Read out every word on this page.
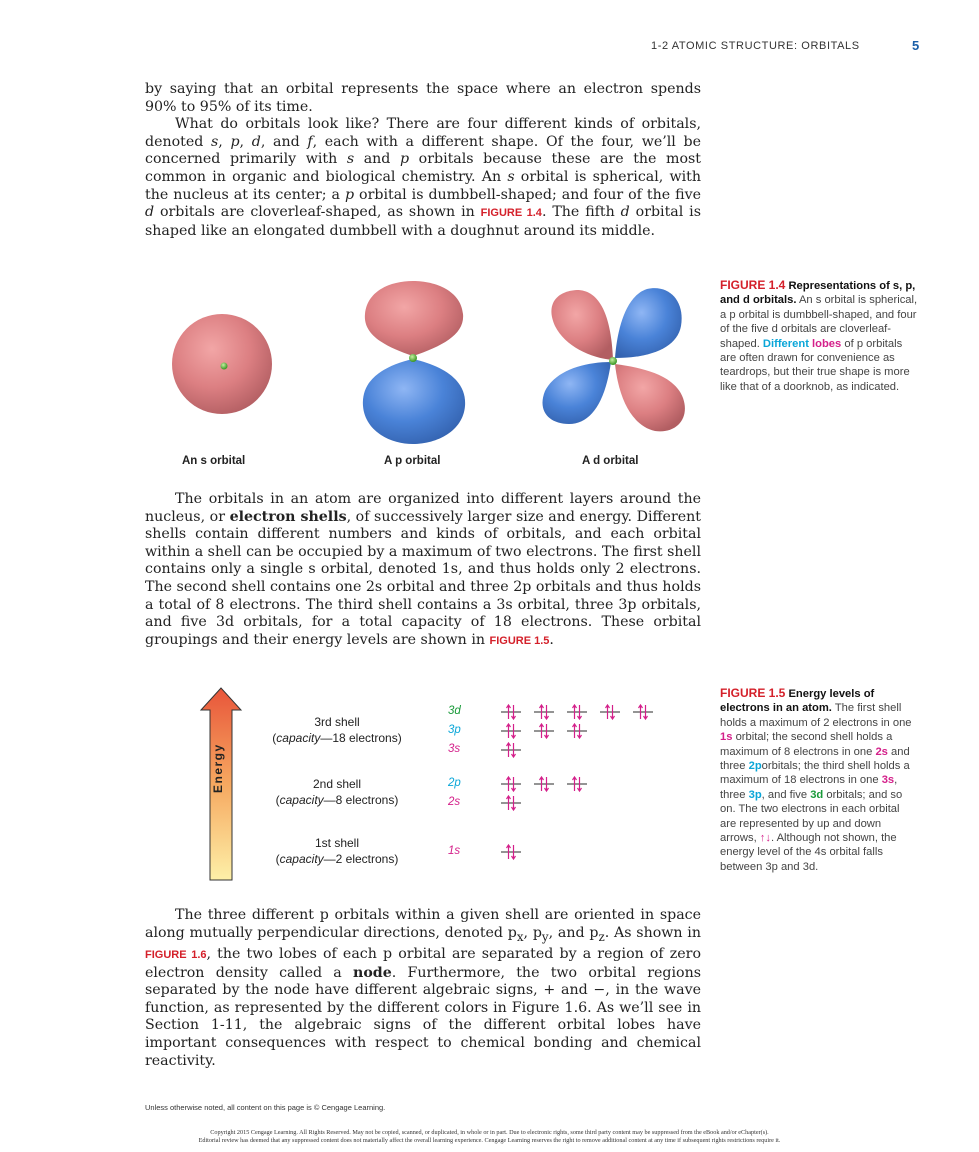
1-2 ATOMIC STRUCTURE: ORBITALS	5

by saying that an orbital represents the space where an electron spends 90% to 95% of its time.

What do orbitals look like? There are four different kinds of orbitals, denoted s, p, d, and f, each with a different shape. Of the four, we’ll be concerned primarily with s and p orbitals because these are the most common in organic and biological chemistry. An s orbital is spherical, with the nucleus at its center; a p orbital is dumbbell-shaped; and four of the five d orbitals are cloverleaf-shaped, as shown in FIGURE 1.4. The fifth d orbital is shaped like an elongated dumbbell with a doughnut around its middle.

An s orbital	A p orbital	A d orbital
FIGURE 1.4 Representations of s, p, and d orbitals. An s orbital is spherical, a p orbital is dumbbell-shaped, and four of the five d orbitals are cloverleaf-shaped. Different lobes of p orbitals are often drawn for convenience as teardrops, but their true shape is more like that of a doorknob, as indicated.

The orbitals in an atom are organized into different layers around the nucleus, or electron shells, of successively larger size and energy. Different shells contain different numbers and kinds of orbitals, and each orbital within a shell can be occupied by a maximum of two electrons. The first shell contains only a single s orbital, denoted 1s, and thus holds only 2 electrons. The second shell contains one 2s orbital and three 2p orbitals and thus holds a total of 8 electrons. The third shell contains a 3s orbital, three 3p orbitals, and five 3d orbitals, for a total capacity of 18 electrons. These orbital groupings and their energy levels are shown in FIGURE 1.5.

Energy
3rd shell
(capacity—18 electrons)
2nd shell
(capacity—8 electrons)
1st shell
(capacity—2 electrons)
3d
3p
3s
2p
2s
1s
FIGURE 1.5 Energy levels of electrons in an atom. The first shell holds a maximum of 2 electrons in one 1s orbital; the second shell holds a maximum of 8 electrons in one 2s and three 2porbitals; the third shell holds a maximum of 18 electrons in one 3s, three 3p, and five 3d orbitals; and so on. The two electrons in each orbital are represented by up and down arrows, ↑↓. Although not shown, the energy level of the 4s orbital falls between 3p and 3d.

The three different p orbitals within a given shell are oriented in space along mutually perpendicular directions, denoted $p_x$, $p_y$, and $p_z$. As shown in FIGURE 1.6, the two lobes of each p orbital are separated by a region of zero electron density called a node. Furthermore, the two orbital regions separated by the node have different algebraic signs, + and −, in the wave function, as represented by the different colors in Figure 1.6. As we’ll see in Section 1-11, the algebraic signs of the different orbital lobes have important consequences with respect to chemical bonding and chemical reactivity.

Unless otherwise noted, all content on this page is © Cengage Learning.
Copyright 2015 Cengage Learning. All Rights Reserved. May not be copied, scanned, or duplicated, in whole or in part. Due to electronic rights, some third party content may be suppressed from the eBook and/or eChapter(s).
Editorial review has deemed that any suppressed content does not materially affect the overall learning experience. Cengage Learning reserves the right to remove additional content at any time if subsequent rights restrictions require it.
